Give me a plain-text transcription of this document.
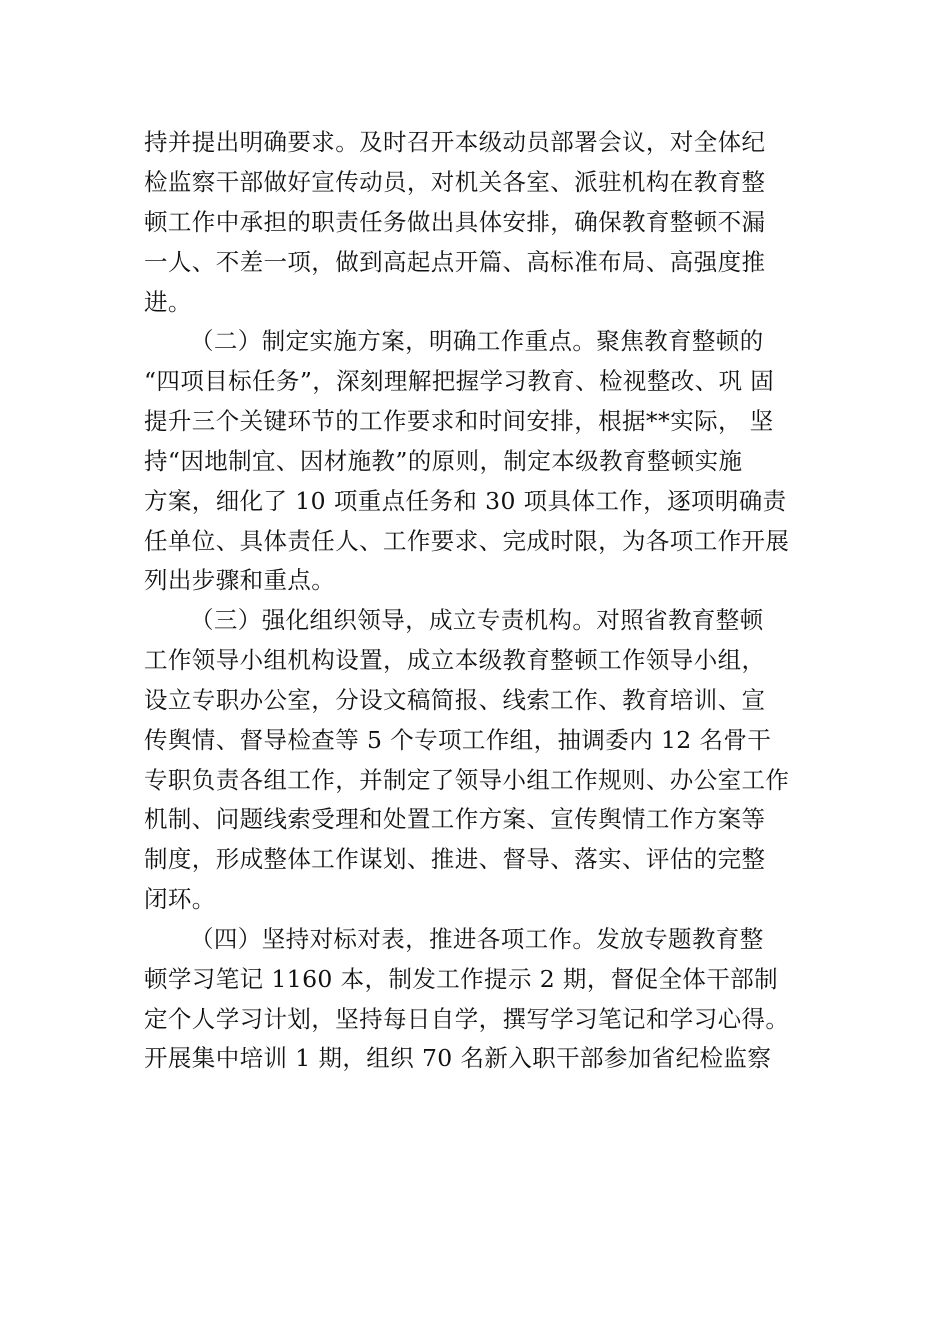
持并提出明确要求。及时召开本级动员部署会议，对全体纪
检监察干部做好宣传动员，对机关各室、派驻机构在教育整
顿工作中承担的职责任务做出具体安排，确保教育整顿不漏
一人、不差一项，做到高起点开篇、高标准布局、高强度推
进。
（二）制定实施方案，明确工作重点。聚焦教育整顿的
“四项目标任务”，深刻理解把握学习教育、检视整改、巩 固
提升三个关键环节的工作要求和时间安排，根据**实际， 坚
持“因地制宜、因材施教”的原则，制定本级教育整顿实施
方案，细化了 10 项重点任务和 30 项具体工作，逐项明确责
任单位、具体责任人、工作要求、完成时限，为各项工作开展
列出步骤和重点。
（三）强化组织领导，成立专责机构。对照省教育整顿
工作领导小组机构设置，成立本级教育整顿工作领导小组，
设立专职办公室，分设文稿简报、线索工作、教育培训、宣
传舆情、督导检查等 5 个专项工作组，抽调委内 12 名骨干
专职负责各组工作，并制定了领导小组工作规则、办公室工作
机制、问题线索受理和处置工作方案、宣传舆情工作方案等
制度，形成整体工作谋划、推进、督导、落实、评估的完整
闭环。
（四）坚持对标对表，推进各项工作。发放专题教育整
顿学习笔记 1160 本，制发工作提示 2 期，督促全体干部制
定个人学习计划，坚持每日自学，撰写学习笔记和学习心得。
开展集中培训 1 期，组织 70 名新入职干部参加省纪检监察
